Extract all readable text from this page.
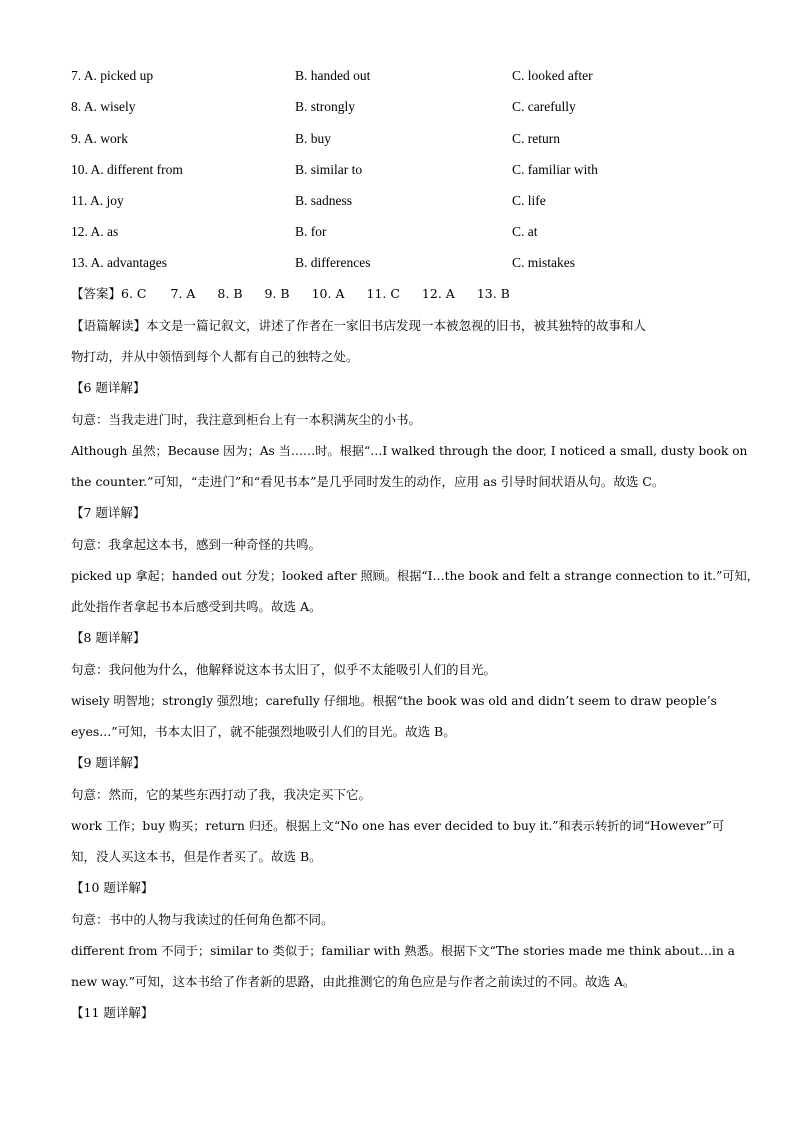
7. A. picked up	B. handed out	C. looked after
8. A. wisely	B. strongly	C. carefully
9. A. work	B. buy	C. return
10. A. different from	B. similar to	C. familiar with
11. A. joy	B. sadness	C. life
12. A. as	B. for	C. at
13. A. advantages	B. differences	C. mistakes
【答案】6. C 7. A 8. B 9. B 10. A 11. C 12. A 13. B
【语篇解读】本文是一篇记叙文，讲述了作者在一家旧书店发现一本被忽视的旧书，被其独特的故事和人
物打动，并从中领悟到每个人都有自己的独特之处。
【6 题详解】
句意：当我走进门时，我注意到柜台上有一本积满灰尘的小书。
Although 虽然；Because 因为；As 当……时。根据“…I walked through the door, I noticed a small, dusty book on
the counter.”可知，“走进门”和“看见书本”是几乎同时发生的动作，应用 as 引导时间状语从句。故选 C。
【7 题详解】
句意：我拿起这本书，感到一种奇怪的共鸣。
picked up 拿起；handed out 分发；looked after 照顾。根据“I…the book and felt a strange connection to it.”可知，
此处指作者拿起书本后感受到共鸣。故选 A。
【8 题详解】
句意：我问他为什么，他解释说这本书太旧了，似乎不太能吸引人们的目光。
wisely 明智地；strongly 强烈地；carefully 仔细地。根据“the book was old and didn’t seem to draw people’s
eyes...”可知，书本太旧了，就不能强烈地吸引人们的目光。故选 B。
【9 题详解】
句意：然而，它的某些东西打动了我，我决定买下它。
work 工作；buy 购买；return 归还。根据上文“No one has ever decided to buy it.”和表示转折的词“However”可
知，没人买这本书，但是作者买了。故选 B。
【10 题详解】
句意：书中的人物与我读过的任何角色都不同。
different from 不同于；similar to 类似于；familiar with 熟悉。根据下文“The stories made me think about…in a
new way.”可知，这本书给了作者新的思路，由此推测它的角色应是与作者之前读过的不同。故选 A。
【11 题详解】
